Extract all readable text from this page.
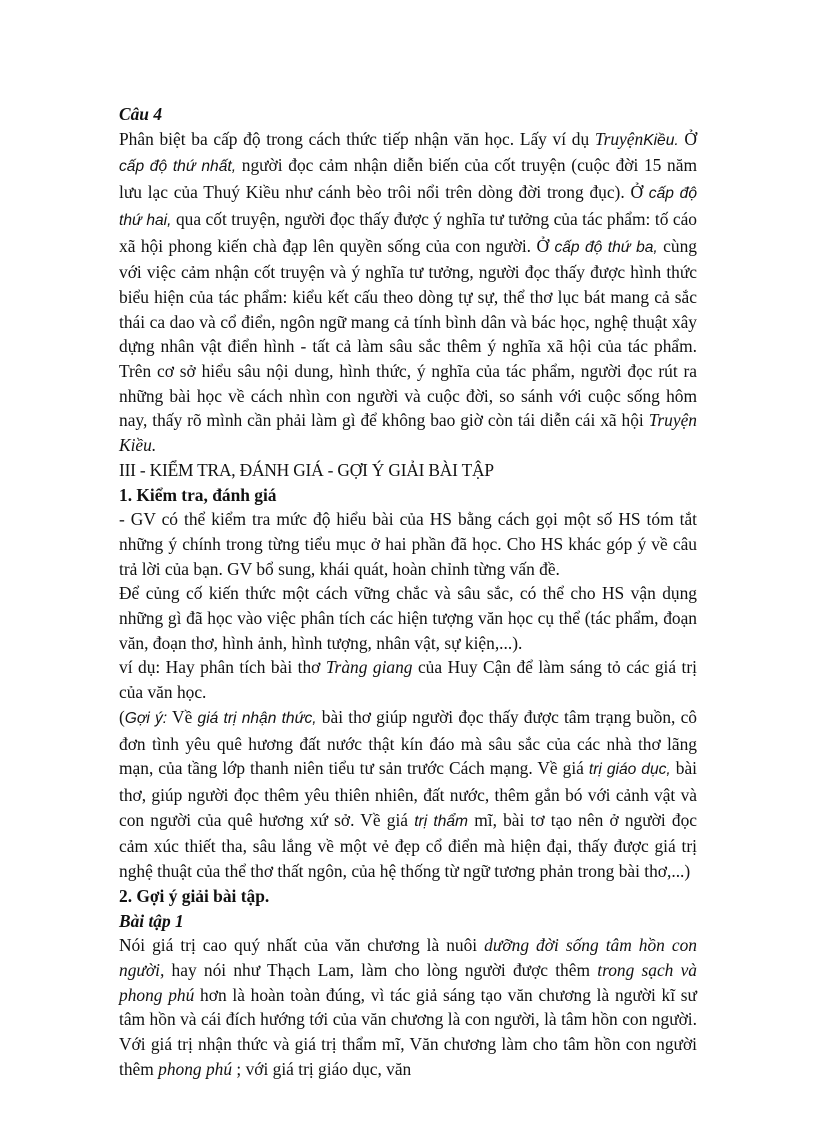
Câu 4

Phân biệt ba cấp độ trong cách thức tiếp nhận văn học. Lấy ví dụ TruyệnKiều. Ở cấp độ thứ nhất, người đọc cảm nhận diễn biến của cốt truyện (cuộc đời 15 năm lưu lạc của Thuý Kiều như cánh bèo trôi nổi trên dòng đời trong đục). Ở cấp độ thứ hai, qua cốt truyện, người đọc thấy được ý nghĩa tư tưởng của tác phẩm: tố cáo xã hội phong kiến chà đạp lên quyền sống của con người. Ở cấp độ thứ ba, cùng với việc cảm nhận cốt truyện và ý nghĩa tư tưởng, người đọc thấy được hình thức biểu hiện của tác phẩm: kiểu kết cấu theo dòng tự sự, thể thơ lục bát mang cả sắc thái ca dao và cổ điển, ngôn ngữ mang cả tính bình dân và bác học, nghệ thuật xây dựng nhân vật điển hình - tất cả làm sâu sắc thêm ý nghĩa xã hội của tác phẩm. Trên cơ sở hiểu sâu nội dung, hình thức, ý nghĩa của tác phẩm, người đọc rút ra những bài học về cách nhìn con người và cuộc đời, so sánh với cuộc sống hôm nay, thấy rõ mình cần phải làm gì để không bao giờ còn tái diễn cái xã hội Truyện Kiều.

III - KIỂM TRA, ĐÁNH GIÁ - GỢI Ý GIẢI BÀI TẬP

1. Kiểm tra, đánh giá

- GV có thể kiểm tra mức độ hiểu bài của HS bằng cách gọi một số HS tóm tắt những ý chính trong từng tiểu mục ở hai phần đã học. Cho HS khác góp ý về câu trả lời của bạn. GV bổ sung, khái quát, hoàn chỉnh từng vấn đề.

Để củng cố kiến thức một cách vững chắc và sâu sắc, có thể cho HS vận dụng những gì đã học vào việc phân tích các hiện tượng văn học cụ thể (tác phẩm, đoạn văn, đoạn thơ, hình ảnh, hình tượng, nhân vật, sự kiện,...).

ví dụ: Hay phân tích bài thơ Tràng giang của Huy Cận để làm sáng tỏ các giá trị của văn học.

(Gợi ý: Về giá trị nhận thức, bài thơ giúp người đọc thấy được tâm trạng buồn, cô đơn tình yêu quê hương đất nước thật kín đáo mà sâu sắc của các nhà thơ lãng mạn, của tầng lớp thanh niên tiểu tư sản trước Cách mạng. Về giá trị giáo dục, bài thơ, giúp người đọc thêm yêu thiên nhiên, đất nước, thêm gắn bó với cảnh vật và con người của quê hương xứ sở. Về giá trị thẩm mĩ, bài tơ tạo nên ở người đọc cảm xúc thiết tha, sâu lắng về một vẻ đẹp cổ điển mà hiện đại, thấy được giá trị nghệ thuật của thể thơ thất ngôn, của hệ thống từ ngữ tương phản trong bài thơ,...)

2. Gợi ý giải bài tập.

Bài tập 1

Nói giá trị cao quý nhất của văn chương là nuôi dưỡng đời sống tâm hồn con người, hay nói như Thạch Lam, làm cho lòng người được thêm trong sạch và phong phú hơn là hoàn toàn đúng, vì tác giả sáng tạo văn chương là người kĩ sư tâm hồn và cái đích hướng tới của văn chương là con người, là tâm hồn con người. Với giá trị nhận thức và giá trị thẩm mĩ, Văn chương làm cho tâm hồn con người thêm phong phú ; với giá trị giáo dục, văn
